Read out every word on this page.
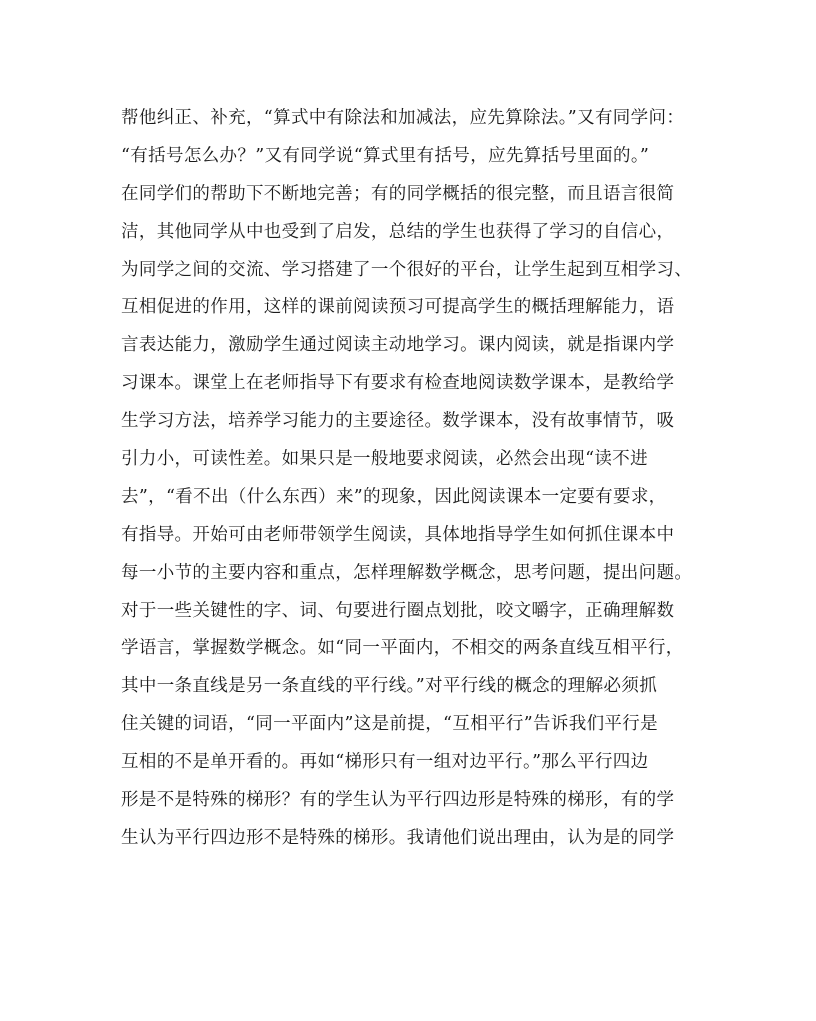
帮他纠正、补充，“算式中有除法和加减法，应先算除法。”又有同学问：
“有括号怎么办？”又有同学说“算式里有括号，应先算括号里面的。”
在同学们的帮助下不断地完善；有的同学概括的很完整，而且语言很简
洁，其他同学从中也受到了启发，总结的学生也获得了学习的自信心，
为同学之间的交流、学习搭建了一个很好的平台，让学生起到互相学习、
互相促进的作用，这样的课前阅读预习可提高学生的概括理解能力，语
言表达能力，激励学生通过阅读主动地学习。课内阅读，就是指课内学
习课本。课堂上在老师指导下有要求有检查地阅读数学课本，是教给学
生学习方法，培养学习能力的主要途径。数学课本，没有故事情节，吸
引力小，可读性差。如果只是一般地要求阅读，必然会出现“读不进
去”，“看不出（什么东西）来”的现象，因此阅读课本一定要有要求，
有指导。开始可由老师带领学生阅读，具体地指导学生如何抓住课本中
每一小节的主要内容和重点，怎样理解数学概念，思考问题，提出问题。
对于一些关键性的字、词、句要进行圈点划批，咬文嚼字，正确理解数
学语言，掌握数学概念。如“同一平面内，不相交的两条直线互相平行，
其中一条直线是另一条直线的平行线。”对平行线的概念的理解必须抓
住关键的词语，“同一平面内”这是前提，“互相平行”告诉我们平行是
互相的不是单开看的。再如“梯形只有一组对边平行。”那么平行四边
形是不是特殊的梯形？有的学生认为平行四边形是特殊的梯形，有的学
生认为平行四边形不是特殊的梯形。我请他们说出理由，认为是的同学
